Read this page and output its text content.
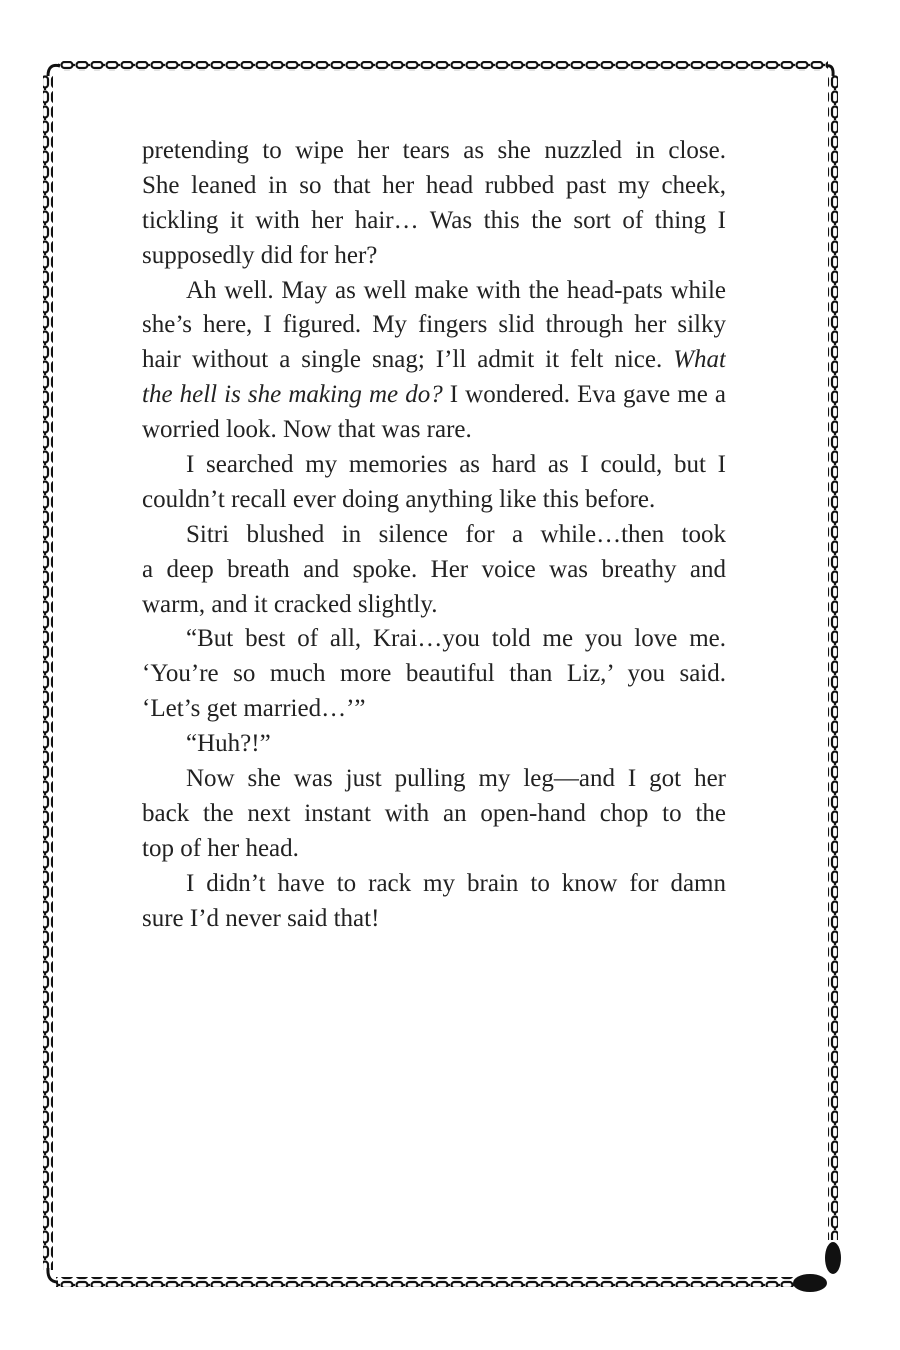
pretending to wipe her tears as she nuzzled in close.
She leaned in so that her head rubbed past my cheek,
tickling it with her hair… Was this the sort of thing I
supposedly did for her?
Ah well. May as well make with the head-pats while
she’s here, I figured. My fingers slid through her silky
hair without a single snag; I’ll admit it felt nice. What
the hell is she making me do? I wondered. Eva gave me a
worried look. Now that was rare.
I searched my memories as hard as I could, but I
couldn’t recall ever doing anything like this before.
Sitri blushed in silence for a while…then took
a deep breath and spoke. Her voice was breathy and
warm, and it cracked slightly.
“But best of all, Krai…you told me you love me.
‘You’re so much more beautiful than Liz,’ you said.
‘Let’s get married…’”
“Huh?!”
Now she was just pulling my leg—and I got her
back the next instant with an open-hand chop to the
top of her head.
I didn’t have to rack my brain to know for damn
sure I’d never said that!
